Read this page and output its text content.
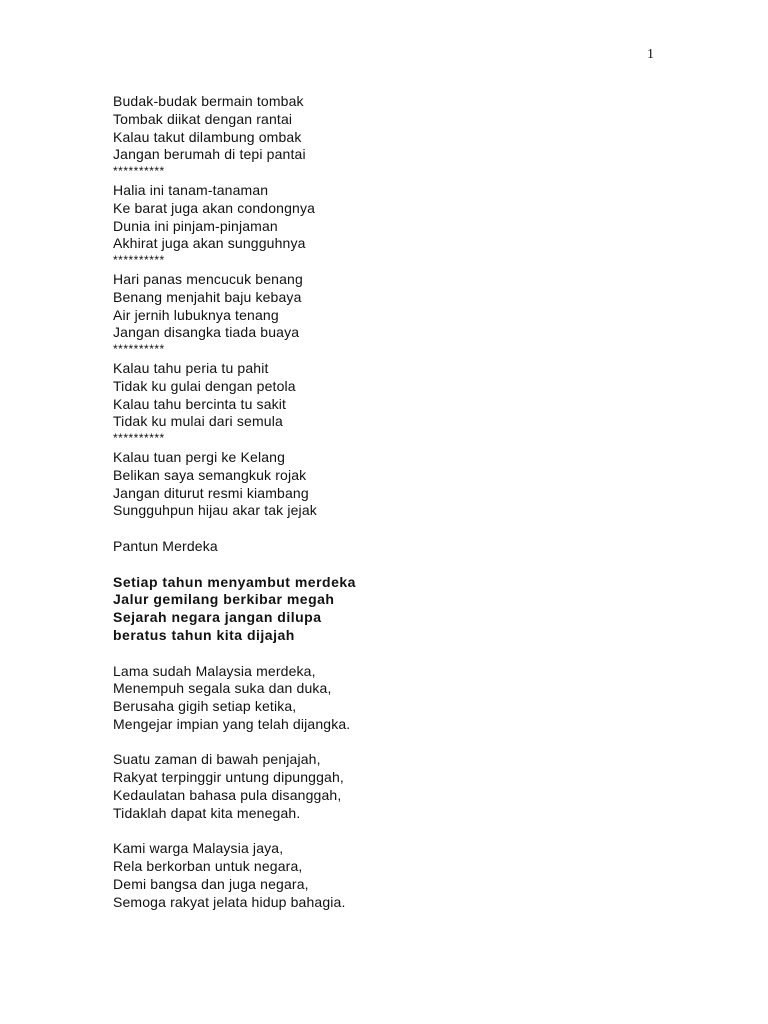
1
Budak-budak bermain tombak
Tombak diikat dengan rantai
Kalau takut dilambung ombak
Jangan berumah di tepi pantai
**********
Halia ini tanam-tanaman
Ke barat juga akan condongnya
Dunia ini pinjam-pinjaman
Akhirat juga akan sungguhnya
**********
Hari panas mencucuk benang
Benang menjahit baju kebaya
Air jernih lubuknya tenang
Jangan disangka tiada buaya
**********
Kalau tahu peria tu pahit
Tidak ku gulai dengan petola
Kalau tahu bercinta tu sakit
Tidak ku mulai dari semula
**********
Kalau tuan pergi ke Kelang
Belikan saya semangkuk rojak
Jangan diturut resmi kiambang
Sungguhpun hijau akar tak jejak
Pantun Merdeka
Setiap tahun menyambut merdeka
Jalur gemilang berkibar megah
Sejarah negara jangan dilupa
beratus tahun kita dijajah
Lama sudah Malaysia merdeka,
Menempuh segala suka dan duka,
Berusaha gigih setiap ketika,
Mengejar impian yang telah dijangka.
Suatu zaman di bawah penjajah,
Rakyat terpinggir untung dipunggah,
Kedaulatan bahasa pula disanggah,
Tidaklah dapat kita menegah.
Kami warga Malaysia jaya,
Rela berkorban untuk negara,
Demi bangsa dan juga negara,
Semoga rakyat jelata hidup bahagia.
